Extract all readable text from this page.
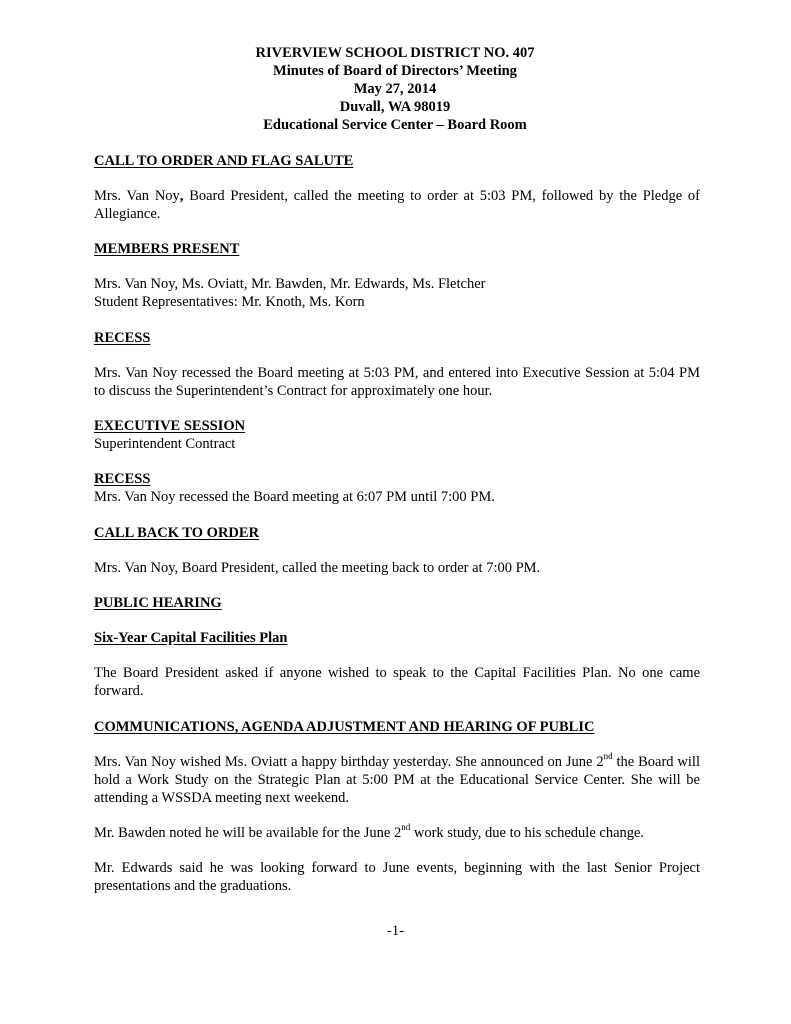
RIVERVIEW SCHOOL DISTRICT NO. 407
Minutes of Board of Directors’ Meeting
May 27, 2014
Duvall, WA 98019
Educational Service Center – Board Room
CALL TO ORDER AND FLAG SALUTE

Mrs. Van Noy, Board President, called the meeting to order at 5:03 PM, followed by the Pledge of Allegiance.

MEMBERS PRESENT

Mrs. Van Noy, Ms. Oviatt, Mr. Bawden, Mr. Edwards, Ms. Fletcher

Student Representatives: Mr. Knoth, Ms. Korn

RECESS

Mrs. Van Noy recessed the Board meeting at 5:03 PM, and entered into Executive Session at 5:04 PM to discuss the Superintendent’s Contract for approximately one hour.

EXECUTIVE SESSION

Superintendent Contract

RECESS

Mrs. Van Noy recessed the Board meeting at 6:07 PM until 7:00 PM.

CALL BACK TO ORDER

Mrs. Van Noy, Board President, called the meeting back to order at 7:00 PM.

PUBLIC HEARING
Six-Year Capital Facilities Plan

The Board President asked if anyone wished to speak to the Capital Facilities Plan. No one came forward.

COMMUNICATIONS, AGENDA ADJUSTMENT AND HEARING OF PUBLIC

Mrs. Van Noy wished Ms. Oviatt a happy birthday yesterday. She announced on June 2nd the Board will hold a Work Study on the Strategic Plan at 5:00 PM at the Educational Service Center. She will be attending a WSSDA meeting next weekend.

Mr. Bawden noted he will be available for the June 2nd work study, due to his schedule change.

Mr. Edwards said he was looking forward to June events, beginning with the last Senior Project presentations and the graduations.

-1-
